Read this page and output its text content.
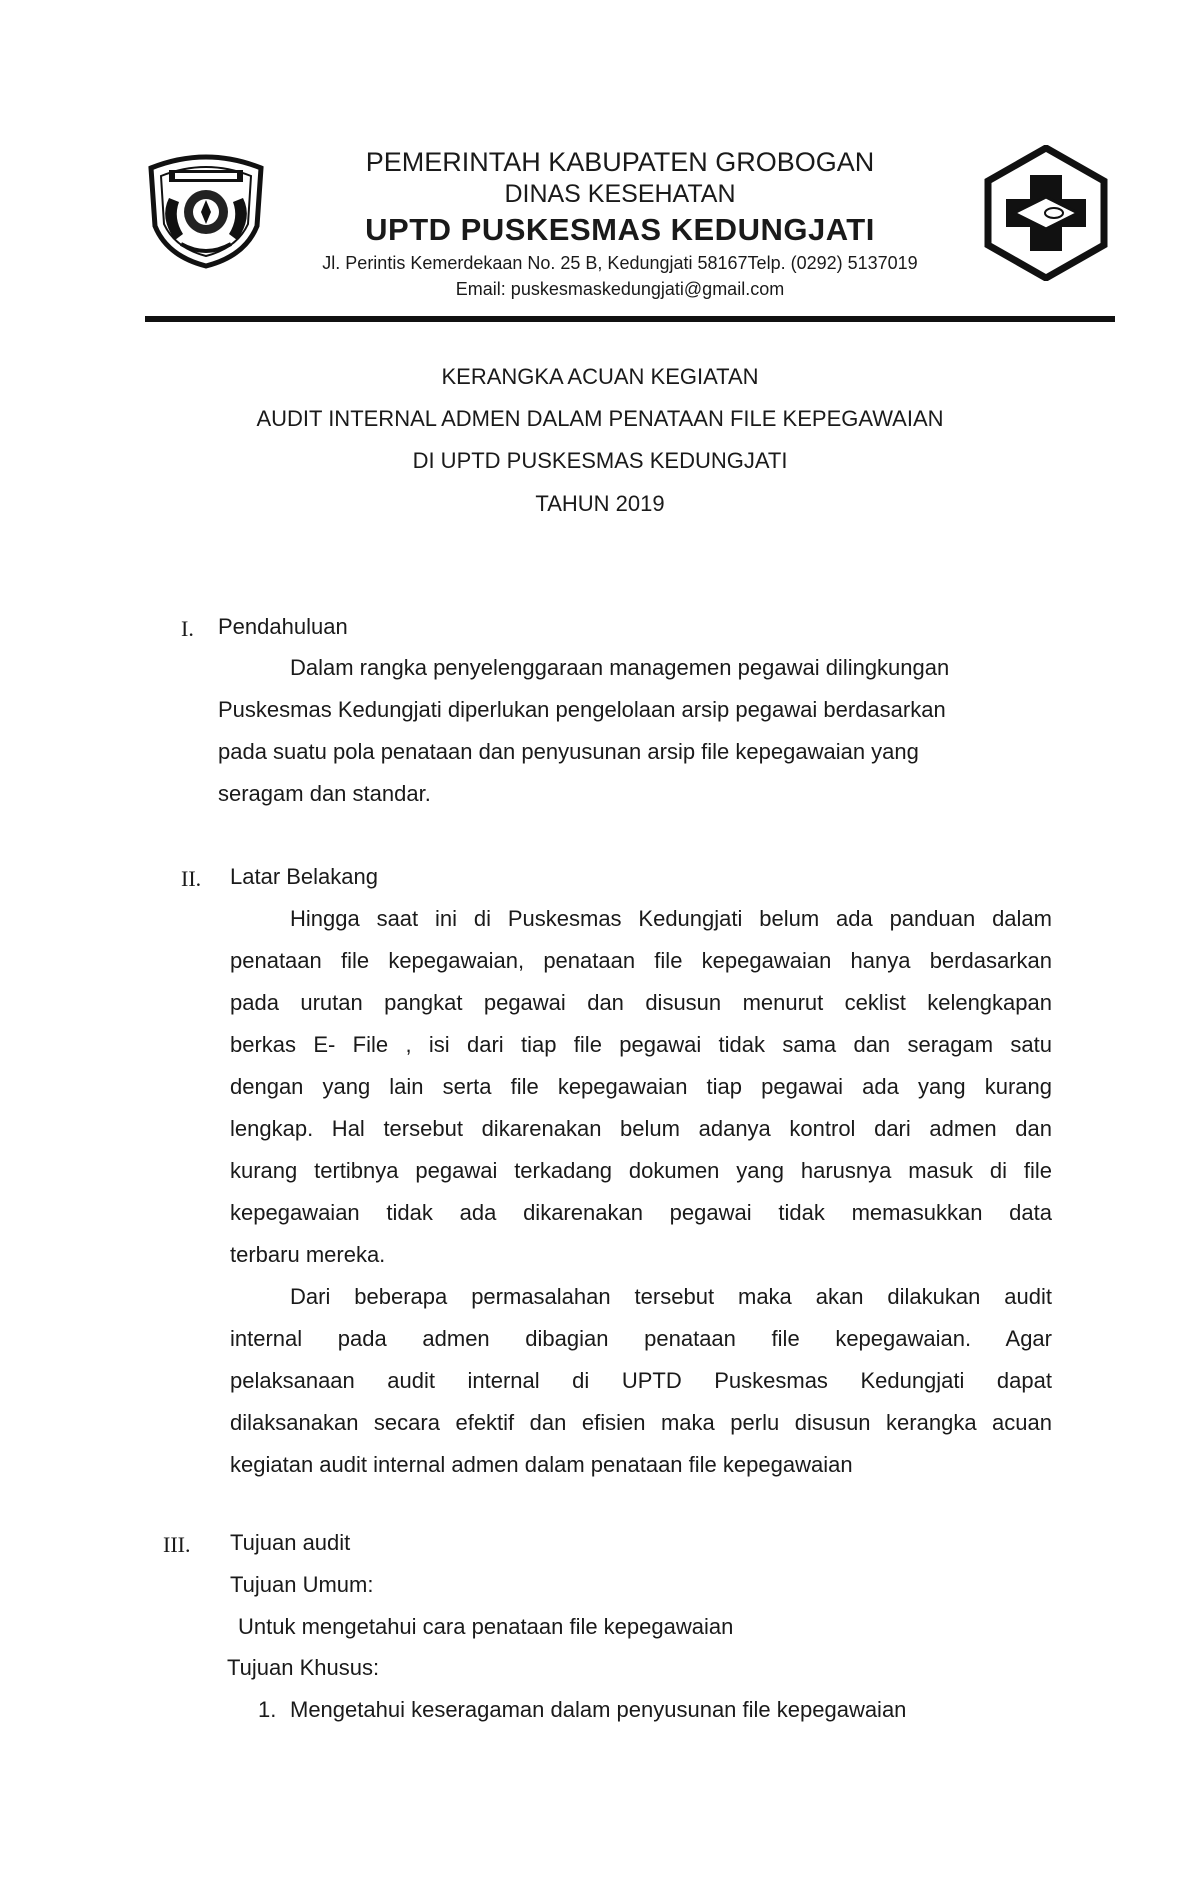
PEMERINTAH KABUPATEN GROBOGAN

DINAS KESEHATAN

UPTD PUSKESMAS KEDUNGJATI

Jl. Perintis Kemerdekaan No. 25 B, Kedungjati 58167Telp. (0292) 5137019

Email: puskesmaskedungjati@gmail.com

KERANGKA ACUAN KEGIATAN

AUDIT INTERNAL ADMEN DALAM PENATAAN FILE KEPEGAWAIAN

DI UPTD PUSKESMAS KEDUNGJATI

TAHUN 2019

I. Pendahuluan
Dalam rangka penyelenggaraan managemen pegawai dilingkungan
Puskesmas Kedungjati diperlukan pengelolaan arsip pegawai berdasarkan
pada suatu pola penataan dan penyusunan arsip file kepegawaian yang
seragam dan standar.
II. Latar Belakang
Hingga saat ini di Puskesmas Kedungjati belum ada panduan dalam
penataan file kepegawaian, penataan file kepegawaian hanya berdasarkan
pada urutan pangkat pegawai dan disusun menurut ceklist kelengkapan
berkas E- File , isi dari tiap file pegawai tidak sama dan seragam satu
dengan yang lain serta file kepegawaian tiap pegawai ada yang kurang
lengkap. Hal tersebut dikarenakan belum adanya kontrol dari admen dan
kurang tertibnya pegawai terkadang dokumen yang harusnya masuk di file
kepegawaian tidak ada dikarenakan pegawai tidak memasukkan data
terbaru mereka.
Dari beberapa permasalahan tersebut maka akan dilakukan audit
internal pada admen dibagian penataan file kepegawaian. Agar
pelaksanaan audit internal di UPTD Puskesmas Kedungjati dapat
dilaksanakan secara efektif dan efisien maka perlu disusun kerangka acuan
kegiatan audit internal admen dalam penataan file kepegawaian
III. Tujuan audit

Tujuan Umum:

Untuk mengetahui cara penataan file kepegawaian

Tujuan Khusus:

1. Mengetahui keseragaman dalam penyusunan file kepegawaian
